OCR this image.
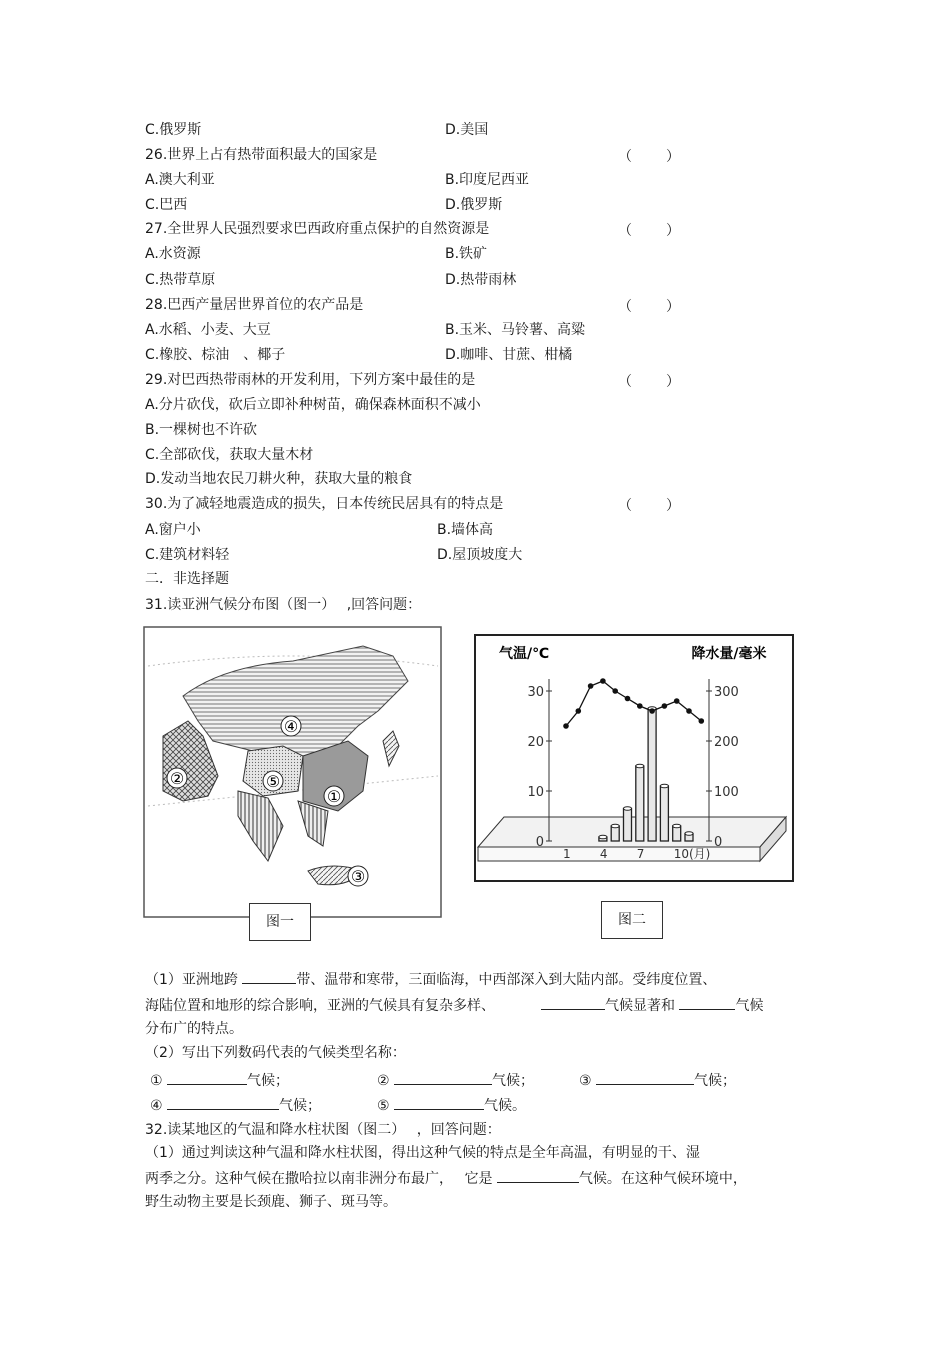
C.俄罗斯	D.美国
26.世界上占有热带面积最大的国家是	（　　）
A.澳大利亚	B.印度尼西亚
C.巴西	D.俄罗斯
27.全世界人民强烈要求巴西政府重点保护的自然资源是	（　　）
A.水资源	B.铁矿
C.热带草原	D.热带雨林
28.巴西产量居世界首位的农产品是	（　　）
A.水稻、小麦、大豆	B.玉米、马铃薯、高粱
C.橡胶、棕油　、椰子	D.咖啡、甘蔗、柑橘
29.对巴西热带雨林的开发利用，下列方案中最佳的是	（　　）
A.分片砍伐，砍后立即补种树苗，确保森林面积不减小
B.一棵树也不许砍
C.全部砍伐，获取大量木材
D.发动当地农民刀耕火种，获取大量的粮食
30.为了减轻地震造成的损失，日本传统民居具有的特点是	（　　）
A.窗户小	B.墙体高
C.建筑材料轻	D.屋顶坡度大
二．非选择题
31.读亚洲气候分布图（图一）　 ,回答问题：
④
②	⑤
①
③
图一
气温/℃	降水量/毫米
30
20
10
0
300
200
100
0
1 4 7 10(月)
图二
（1）亚洲地跨	带、温带和寒带，三面临海，中西部深入到大陆内部。受纬度位置、
海陆位置和地形的综合影响，亚洲的气候具有复杂多样、	气候显著和	气候
分布广的特点。
（2）写出下列数码代表的气候类型名称：
①	气候；	②	气候；	③	气候；
④	气候；	⑤	气候。
32.读某地区的气温和降水柱状图（图二）　 ，回答问题：
（1）通过判读这种气温和降水柱状图，得出这种气候的特点是全年高温，有明显的干、湿
两季之分。这种气候在撒哈拉以南非洲分布最广，　 它是	气候。在这种气候环境中，
野生动物主要是长颈鹿、狮子、斑马等。
